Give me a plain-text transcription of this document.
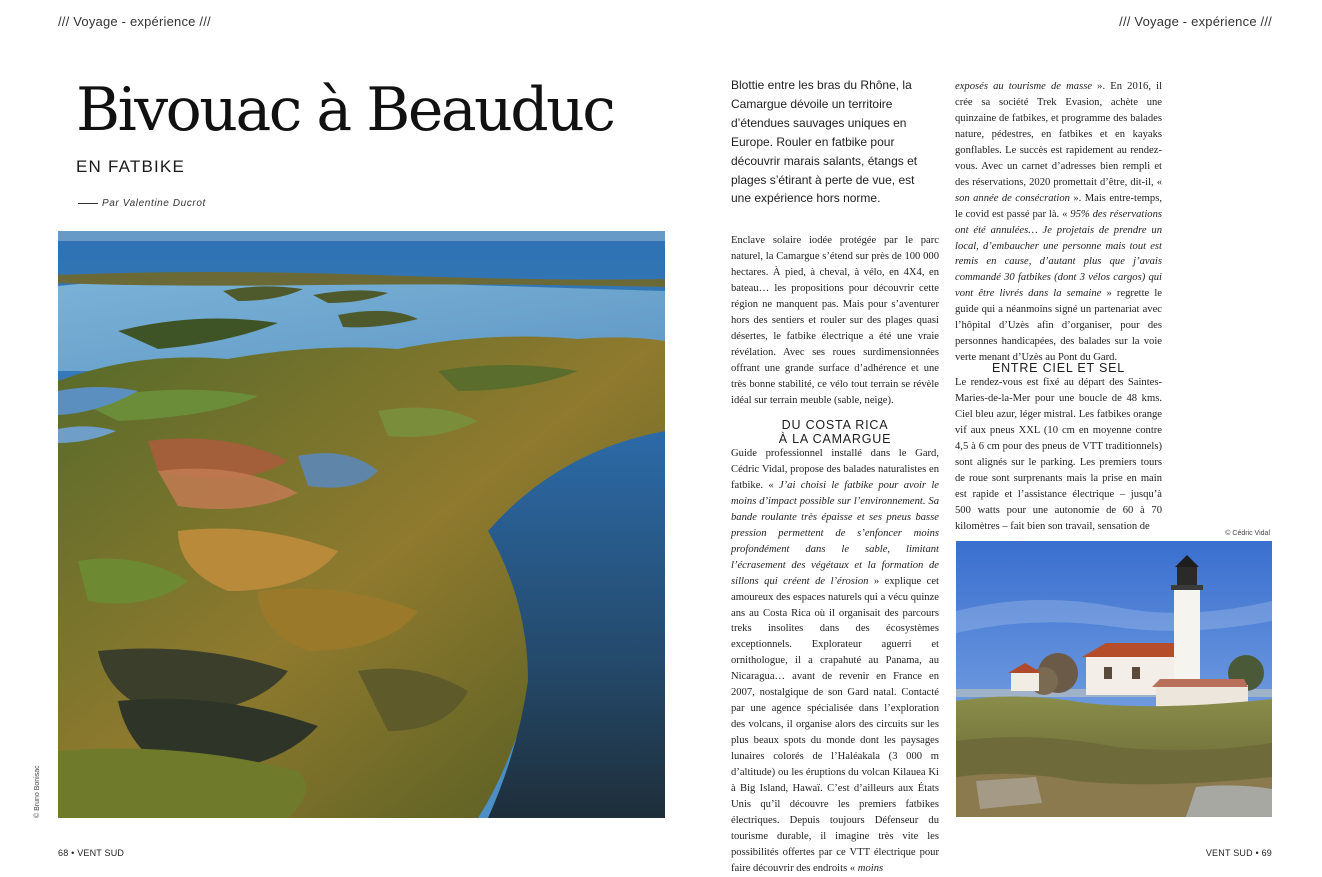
/// Voyage - expérience ///	/// Voyage - expérience ///
Bivouac à Beauduc
EN FATBIKE
Par Valentine Ducrot
© Bruno Bonisac
Blottie entre les bras du Rhône, la Camargue dévoile un territoire d’étendues sauvages uniques en Europe. Rouler en fatbike pour découvrir marais salants, étangs et plages s’étirant à perte de vue, est une expérience hors norme.

Enclave solaire iodée protégée par le parc naturel, la Camargue s’étend sur près de 100 000 hectares. À pied, à cheval, à vélo, en 4X4, en bateau… les propositions pour découvrir cette région ne manquent pas. Mais pour s’aventurer hors des sentiers et rouler sur des plages quasi désertes, le fatbike électrique a été une vraie révélation. Avec ses roues surdimensionnées offrant une grande surface d’adhérence et une très bonne stabilité, ce vélo tout terrain se révèle idéal sur terrain meuble (sable, neige).

DU COSTA RICA
À LA CAMARGUE

Guide professionnel installé dans le Gard, Cédric Vidal, propose des balades naturalistes en fatbike. « J’ai choisi le fatbike pour avoir le moins d’impact possible sur l’environnement. Sa bande roulante très épaisse et ses pneus basse pression permettent de s’enfoncer moins profondément dans le sable, limitant l’écrasement des végétaux et la formation de sillons qui créent de l’érosion » explique cet amoureux des espaces naturels qui a vécu quinze ans au Costa Rica où il organisait des parcours treks insolites dans des écosystèmes exceptionnels. Explorateur aguerri et ornithologue, il a crapahuté au Panama, au Nicaragua… avant de revenir en France en 2007, nostalgique de son Gard natal. Contacté par une agence spécialisée dans l’exploration des volcans, il organise alors des circuits sur les plus beaux spots du monde dont les paysages lunaires colorés de l’Haléakala (3 000 m d’altitude) ou les éruptions du volcan Kilauea Ki à Big Island, Hawaï. C’est d’ailleurs aux États Unis qu’il découvre les premiers fatbikes électriques. Depuis toujours Défenseur du tourisme durable, il imagine très vite les possibilités offertes par ce VTT électrique pour faire découvrir des endroits « moins

exposés au tourisme de masse ». En 2016, il crée sa société Trek Evasion, achète une quinzaine de fatbikes, et programme des balades nature, pédestres, en fatbikes et en kayaks gonflables. Le succès est rapidement au rendez-vous. Avec un carnet d’adresses bien rempli et des réservations, 2020 promettait d’être, dit-il, « son année de consécration ». Mais entre-temps, le covid est passé par là. « 95% des réservations ont été annulées… Je projetais de prendre un local, d’embaucher une personne mais tout est remis en cause, d’autant plus que j’avais commandé 30 fatbikes (dont 3 vélos cargos) qui vont être livrés dans la semaine » regrette le guide qui a néanmoins signé un partenariat avec l’hôpital d’Uzès afin d’organiser, pour des personnes handicapées, des balades sur la voie verte menant d’Uzès au Pont du Gard.

ENTRE CIEL ET SEL

Le rendez-vous est fixé au départ des Saintes-Maries-de-la-Mer pour une boucle de 48 kms. Ciel bleu azur, léger mistral. Les fatbikes orange vif aux pneus XXL (10 cm en moyenne contre 4,5 à 6 cm pour des pneus de VTT traditionnels) sont alignés sur le parking. Les premiers tours de roue sont surprenants mais la prise en main est rapide et l’assistance électrique – jusqu’à 500 watts pour une autonomie de 60 à 70 kilomètres – fait bien son travail, sensation de

© Cédric Vidal
68 • VENT SUD	VENT SUD • 69
